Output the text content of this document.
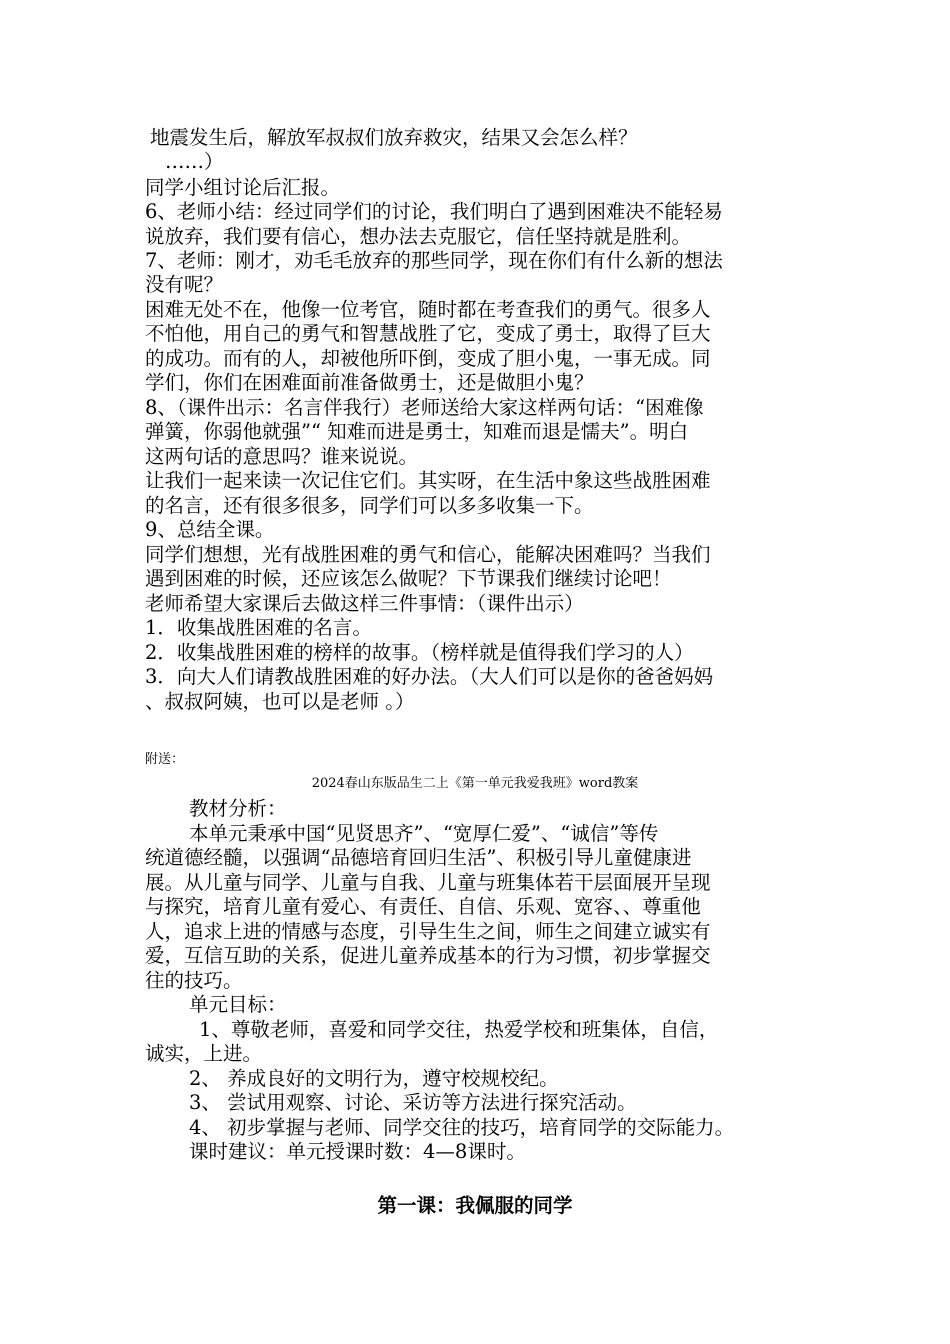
地震发生后，解放军叔叔们放弃救灾，结果又会怎么样？
……）
同学小组讨论后汇报。
6、老师小结：经过同学们的讨论，我们明白了遇到困难决不能轻易
说放弃，我们要有信心，想办法去克服它，信任坚持就是胜利。
7、老师：刚才，劝毛毛放弃的那些同学，现在你们有什么新的想法
没有呢？
困难无处不在，他像一位考官，随时都在考查我们的勇气。很多人
不怕他，用自己的勇气和智慧战胜了它，变成了勇士，取得了巨大
的成功。而有的人，却被他所吓倒，变成了胆小鬼，一事无成。同
学们，你们在困难面前准备做勇士，还是做胆小鬼？
8、（课件出示：名言伴我行）老师送给大家这样两句话：“困难像
弹簧，你弱他就强”“ 知难而进是勇士，知难而退是懦夫”。明白
这两句话的意思吗？谁来说说。
让我们一起来读一次记住它们。其实呀，在生活中象这些战胜困难
的名言，还有很多很多，同学们可以多多收集一下。
9、总结全课。
同学们想想，光有战胜困难的勇气和信心，能解决困难吗？当我们
遇到困难的时候，还应该怎么做呢？下节课我们继续讨论吧！
老师希望大家课后去做这样三件事情：（课件出示）
1．收集战胜困难的名言。
2．收集战胜困难的榜样的故事。（榜样就是值得我们学习的人）
3．向大人们请教战胜困难的好办法。（大人们可以是你的爸爸妈妈
、叔叔阿姨，也可以是老师 。）
附送：
2024春山东版品生二上《第一单元我爱我班》word教案
教材分析：
本单元秉承中国“见贤思齐”、“宽厚仁爱”、“诚信”等传
统道德经髓，以强调“品德培育回归生活”、积极引导儿童健康进
展。从儿童与同学、儿童与自我、儿童与班集体若干层面展开呈现
与探究，培育儿童有爱心、有责任、自信、乐观、宽容、、尊重他
人，追求上进的情感与态度，引导生生之间，师生之间建立诚实有
爱，互信互助的关系，促进儿童养成基本的行为习惯，初步掌握交
往的技巧。
单元目标：
1、尊敬老师，喜爱和同学交往，热爱学校和班集体，自信，
诚实，上进。
2、 养成良好的文明行为，遵守校规校纪。
3、 尝试用观察、讨论、采访等方法进行探究活动。
4、 初步掌握与老师、同学交往的技巧，培育同学的交际能力。
课时建议：单元授课时数：4—8课时。
第一课：我佩服的同学
